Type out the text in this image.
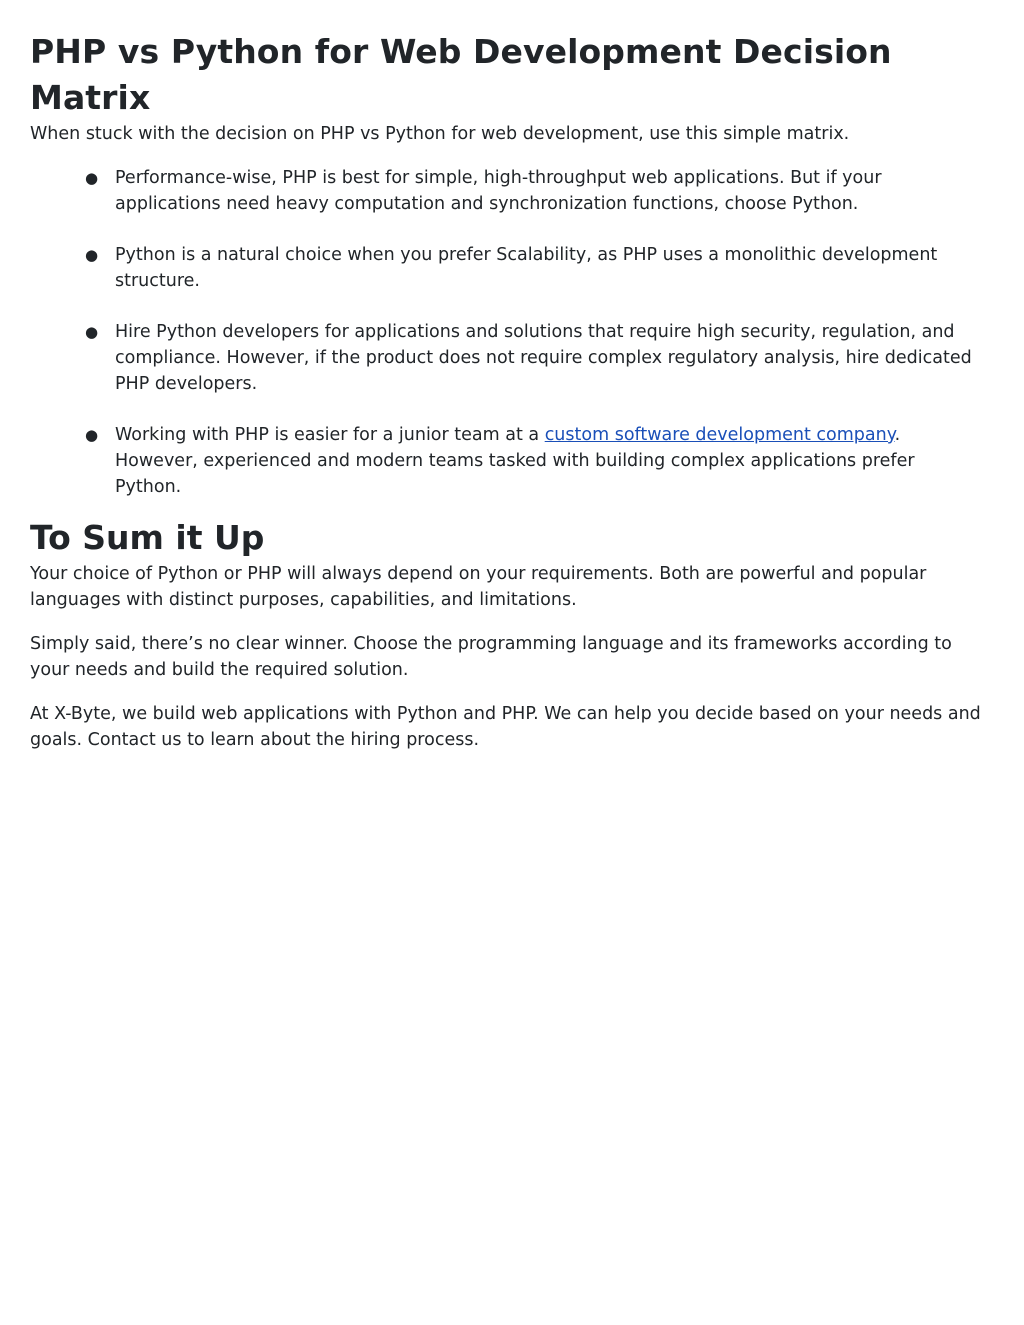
PHP vs Python for Web Development Decision Matrix

When stuck with the decision on PHP vs Python for web development, use this simple matrix.

● Performance-wise, PHP is best for simple, high-throughput web applications. But if your applications need heavy computation and synchronization functions, choose Python.
● Python is a natural choice when you prefer Scalability, as PHP uses a monolithic development structure.
● Hire Python developers for applications and solutions that require high security, regulation, and compliance. However, if the product does not require complex regulatory analysis, hire dedicated PHP developers.
● Working with PHP is easier for a junior team at a custom software development company. However, experienced and modern teams tasked with building complex applications prefer Python.
To Sum it Up

Your choice of Python or PHP will always depend on your requirements. Both are powerful and popular languages with distinct purposes, capabilities, and limitations.

Simply said, there’s no clear winner. Choose the programming language and its frameworks according to your needs and build the required solution.

At X-Byte, we build web applications with Python and PHP. We can help you decide based on your needs and goals. Contact us to learn about the hiring process.
